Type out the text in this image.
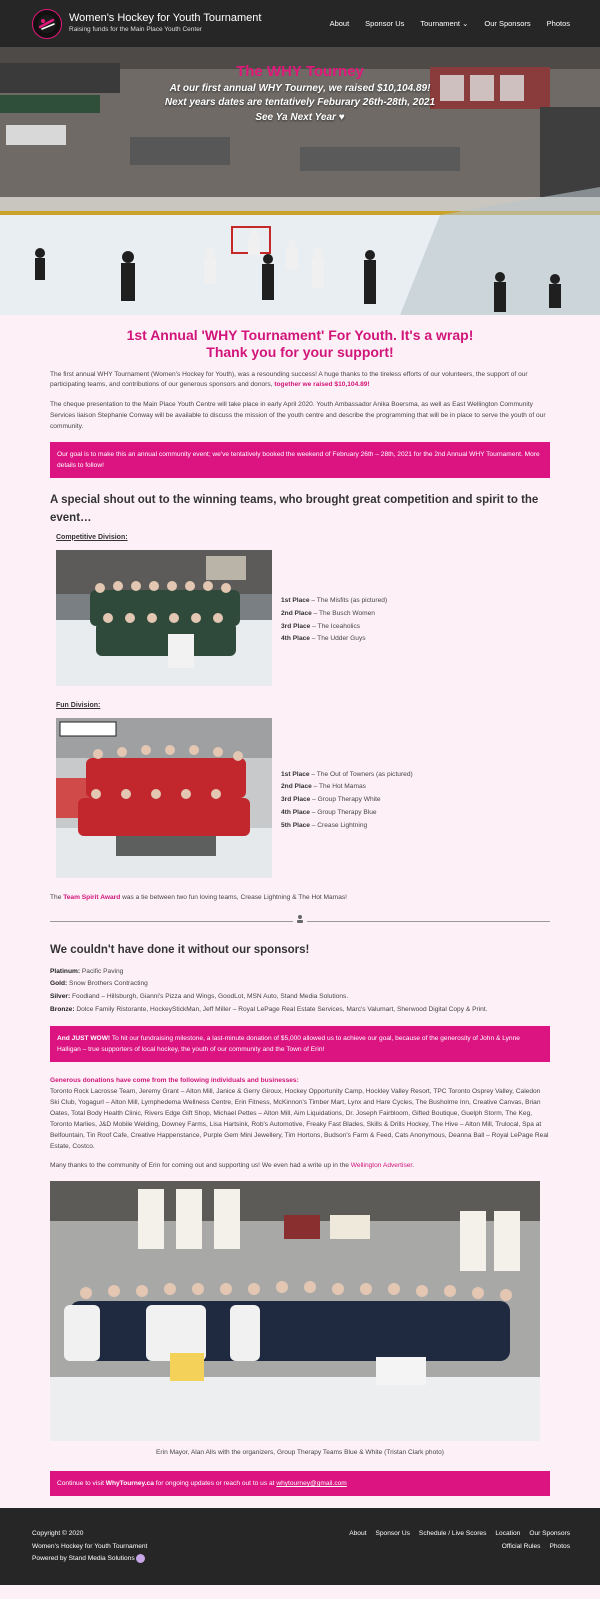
Women's Hockey for Youth Tournament
Raising funds for the Main Place Youth Center
About Sponsor Us Tournament ⌄ Our Sponsors Photos
The WHY Tourney
At our first annual WHY Tourney, we raised $10,104.89!
Next years dates are tentatively Feburary 26th-28th, 2021
See Ya Next Year ♥
1st Annual 'WHY Tournament' For Youth. It's a wrap!
Thank you for your support!

The first annual WHY Tournament (Women's Hockey for Youth), was a resounding success! A huge thanks to the tireless efforts of our volunteers, the support of our participating teams, and contributions of our generous sponsors and donors, together we raised $10,104.89!

The cheque presentation to the Main Place Youth Centre will take place in early April 2020. Youth Ambassador Anika Boersma, as well as East Wellington Community Services liaison Stephanie Conway will be available to discuss the mission of the youth centre and describe the programming that will be in place to serve the youth of our community.

Our goal is to make this an annual community event; we've tentatively booked the weekend of February 26th – 28th, 2021 for the 2nd Annual WHY Tournament. More details to follow!
A special shout out to the winning teams, who brought great competition and spirit to the event…
Competitive Division:
1st Place – The Misfits (as pictured)
2nd Place – The Busch Women
3rd Place – The Iceaholics
4th Place – The Udder Guys
Fun Division:
1st Place – The Out of Towners (as pictured)
2nd Place – The Hot Mamas
3rd Place – Group Therapy White
4th Place – Group Therapy Blue
5th Place – Crease Lightning

The Team Spirit Award was a tie between two fun loving teams, Crease Lightning & The Hot Mamas!

We couldn't have done it without our sponsors!
Platinum: Pacific Paving
Gold: Snow Brothers Contracting
Silver: Foodland – Hillsburgh, Gianni's Pizza and Wings, GoodLot, MSN Auto, Stand Media Solutions.
Bronze: Dolce Family Ristorante, HockeyStickMan, Jeff Miller – Royal LePage Real Estate Services, Marc's Valumart, Sherwood Digital Copy & Print.
And JUST WOW! To hit our fundraising milestone, a last-minute donation of $5,000 allowed us to achieve our goal, because of the generosity of John & Lynne Halligan – true supporters of local hockey, the youth of our community and the Town of Erin!

Generous donations have come from the following individuals and businesses:

Toronto Rock Lacrosse Team, Jeremy Grant – Alton Mill, Janice & Gerry Giroux, Hockey Opportunity Camp, Hockley Valley Resort, TPC Toronto Osprey Valley, Caledon Ski Club, Yogagurl – Alton Mill, Lymphedema Wellness Centre, Erin Fitness, McKinnon's Timber Mart, Lynx and Hare Cycles, The Busholme Inn, Creative Canvas, Brian Oates, Total Body Health Clinic, Rivers Edge Gift Shop, Michael Pettes – Alton Mill, Aim Liquidations, Dr. Joseph Fairbloom, Gifted Boutique, Guelph Storm, The Keg, Toronto Marlies, J&D Mobile Welding, Downey Farms, Lisa Hartsink, Rob's Automotive, Freaky Fast Blades, Skills & Drills Hockey, The Hive – Alton Mill, Trulocal, Spa at Belfountain, Tin Roof Cafe, Creative Happenstance, Purple Gem Mini Jewellery, Tim Hortons, Budson's Farm & Feed, Cats Anonymous, Deanna Ball – Royal LePage Real Estate, Costco.

Many thanks to the community of Erin for coming out and supporting us! We even had a write up in the Wellington Advertiser.

Erin Mayor, Alan Alls with the organizers, Group Therapy Teams Blue & White (Tristan Clark photo)
Continue to visit WhyTourney.ca for ongoing updates or reach out to us at whytourney@gmail.com
Copyright © 2020
Women's Hockey for Youth Tournament
Powered by Stand Media Solutions
About Sponsor Us Schedule / Live Scores Location Our Sponsors
Official Rules Photos
